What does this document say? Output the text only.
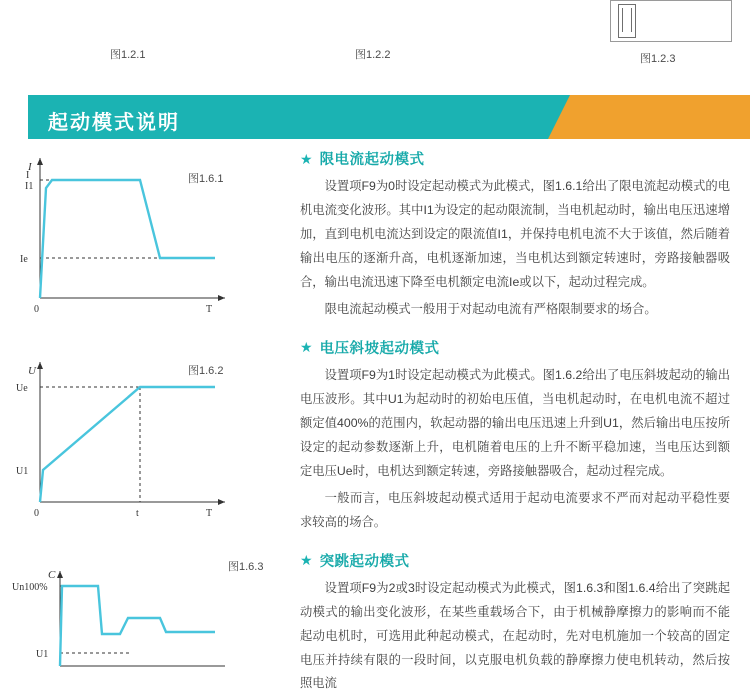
图1.2.1	图1.2.2	图1.2.3
起动模式说明
I
I
I1
Ie
0	T
图1.6.1
U
Ue
U1
0	t	T
图1.6.2
C
Un100%
U1
图1.6.3
★ 限电流起动模式

设置项F9为0时设定起动模式为此模式，图1.6.1给出了限电流起动模式的电机电流变化波形。其中I1为设定的起动限流制，当电机起动时，输出电压迅速增加，直到电机电流达到设定的限流值I1，并保持电机电流不大于该值，然后随着输出电压的逐渐升高，电机逐渐加速，当电机达到额定转速时，旁路接触器吸合，输出电流迅速下降至电机额定电流Ie或以下，起动过程完成。

限电流起动模式一般用于对起动电流有严格限制要求的场合。

★ 电压斜坡起动模式

设置项F9为1时设定起动模式为此模式。图1.6.2给出了电压斜坡起动的输出电压波形。其中U1为起动时的初始电压值，当电机起动时，在电机电流不超过额定值400%的范围内，软起动器的输出电压迅速上升到U1，然后输出电压按所设定的起动参数逐渐上升，电机随着电压的上升不断平稳加速，当电压达到额定电压Ue时，电机达到额定转速，旁路接触器吸合，起动过程完成。

一般而言，电压斜坡起动模式适用于起动电流要求不严而对起动平稳性要求较高的场合。

★ 突跳起动模式

设置项F9为2或3时设定起动模式为此模式，图1.6.3和图1.6.4给出了突跳起动模式的输出变化波形，在某些重载场合下，由于机械静摩擦力的影响而不能起动电机时，可选用此种起动模式，在起动时，先对电机施加一个较高的固定电压并持续有限的一段时间，以克服电机负载的静摩擦力使电机转动，然后按照电流
